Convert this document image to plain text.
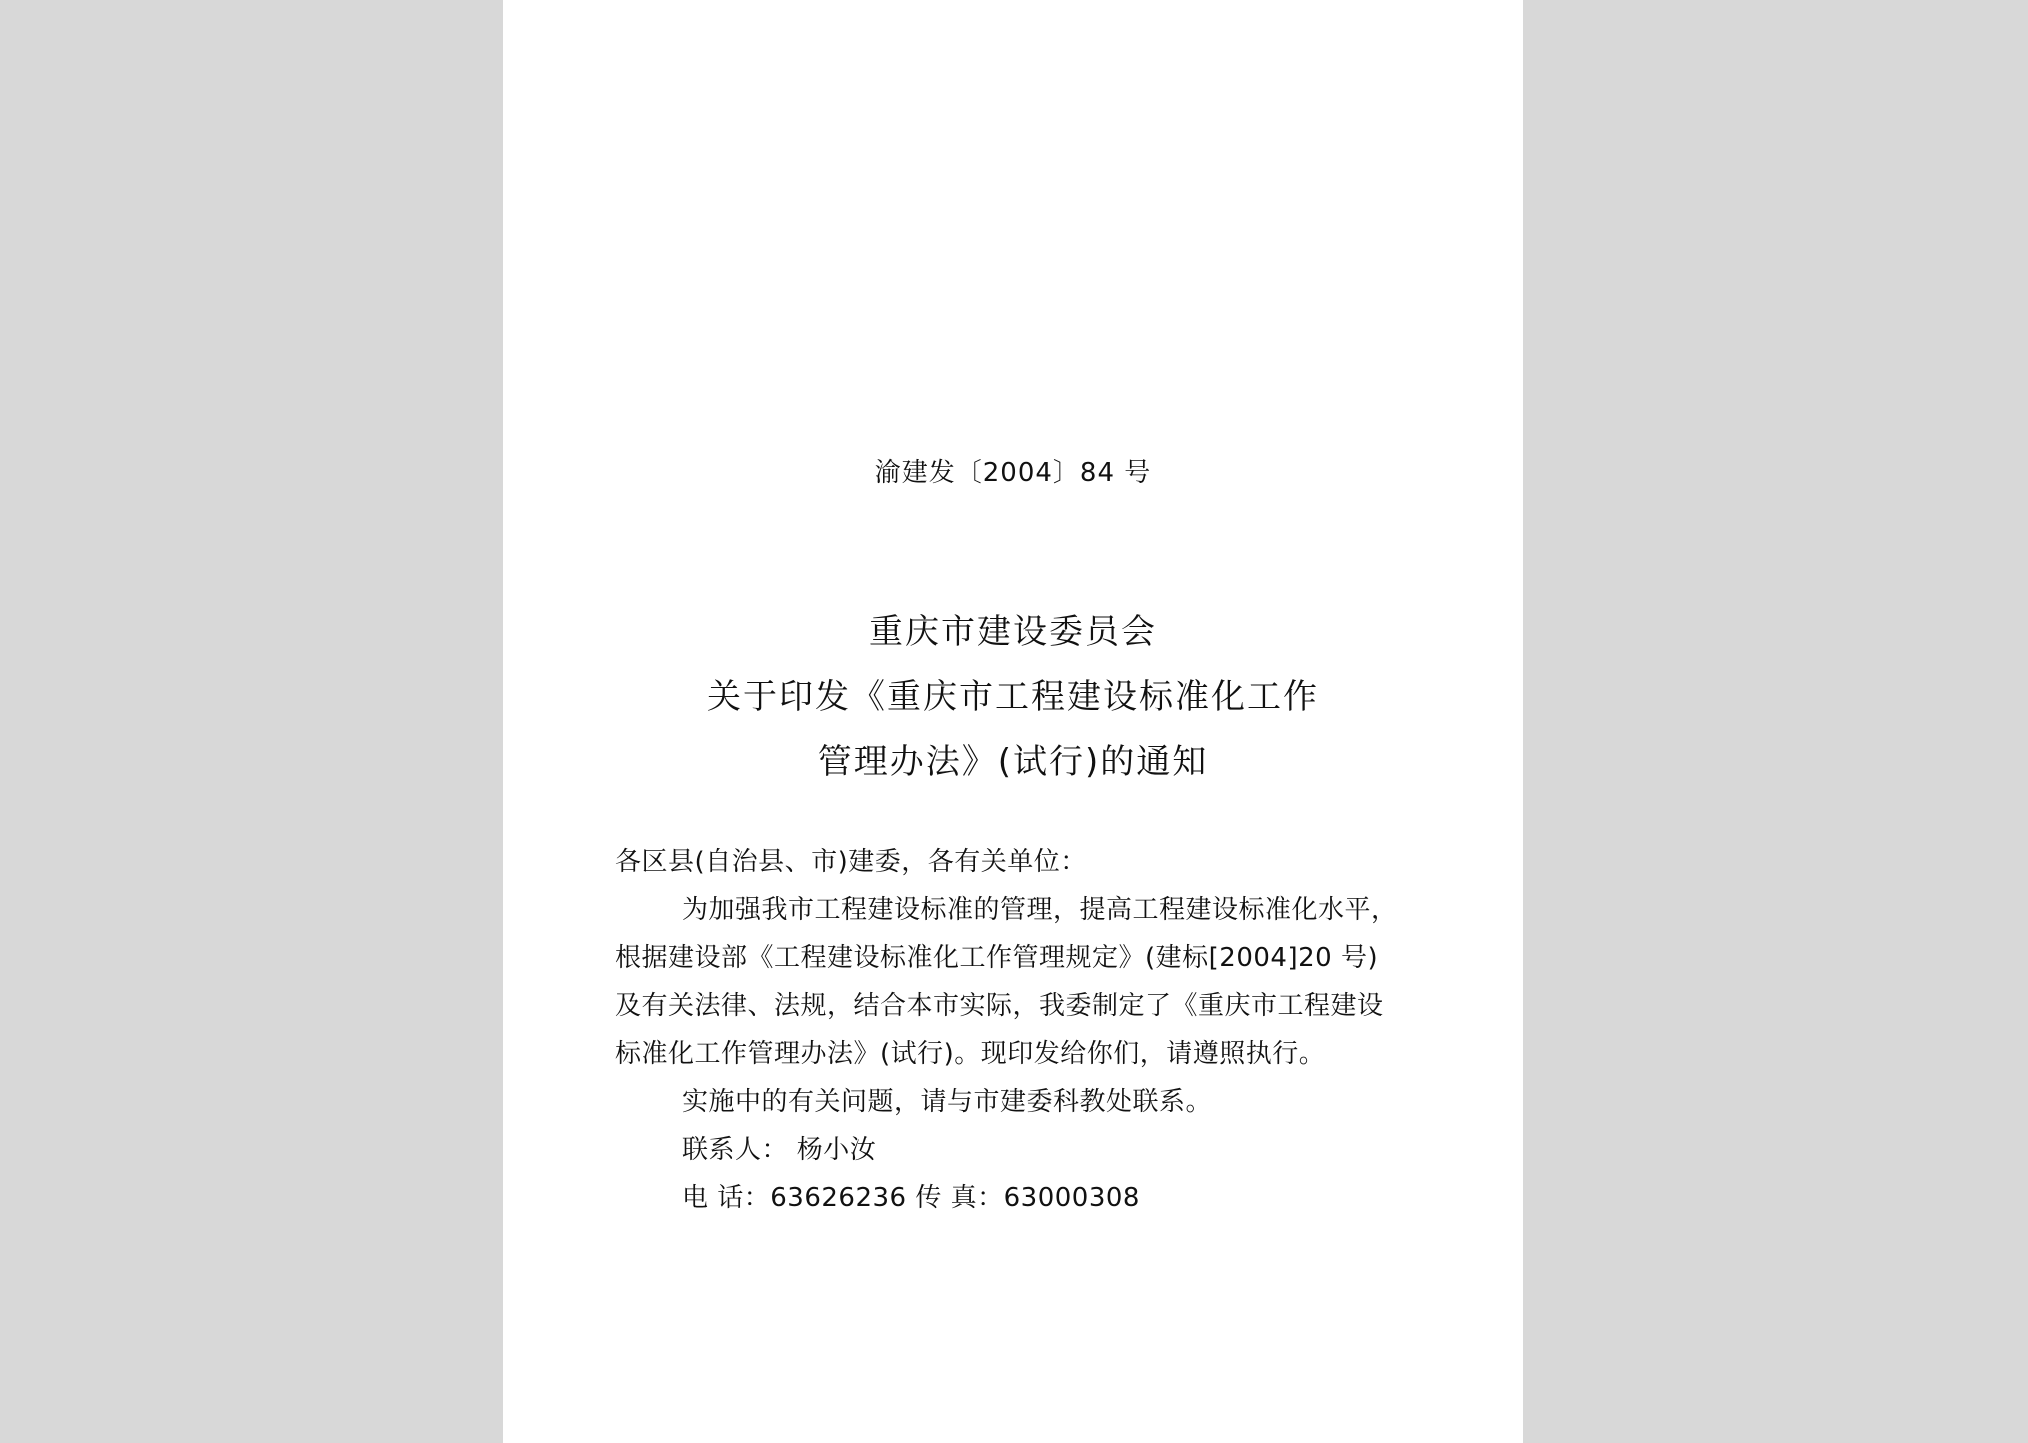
渝建发〔2004〕84 号
重庆市建设委员会
关于印发《重庆市工程建设标准化工作
管理办法》(试行)的通知
各区县(自治县、市)建委，各有关单位：
为加强我市工程建设标准的管理，提高工程建设标准化水平，
根据建设部《工程建设标准化工作管理规定》(建标[2004]20 号)
及有关法律、法规，结合本市实际，我委制定了《重庆市工程建设
标准化工作管理办法》(试行)。现印发给你们，请遵照执行。
实施中的有关问题，请与市建委科教处联系。
联系人： 杨小汝
电 话：63626236 传 真：63000308
